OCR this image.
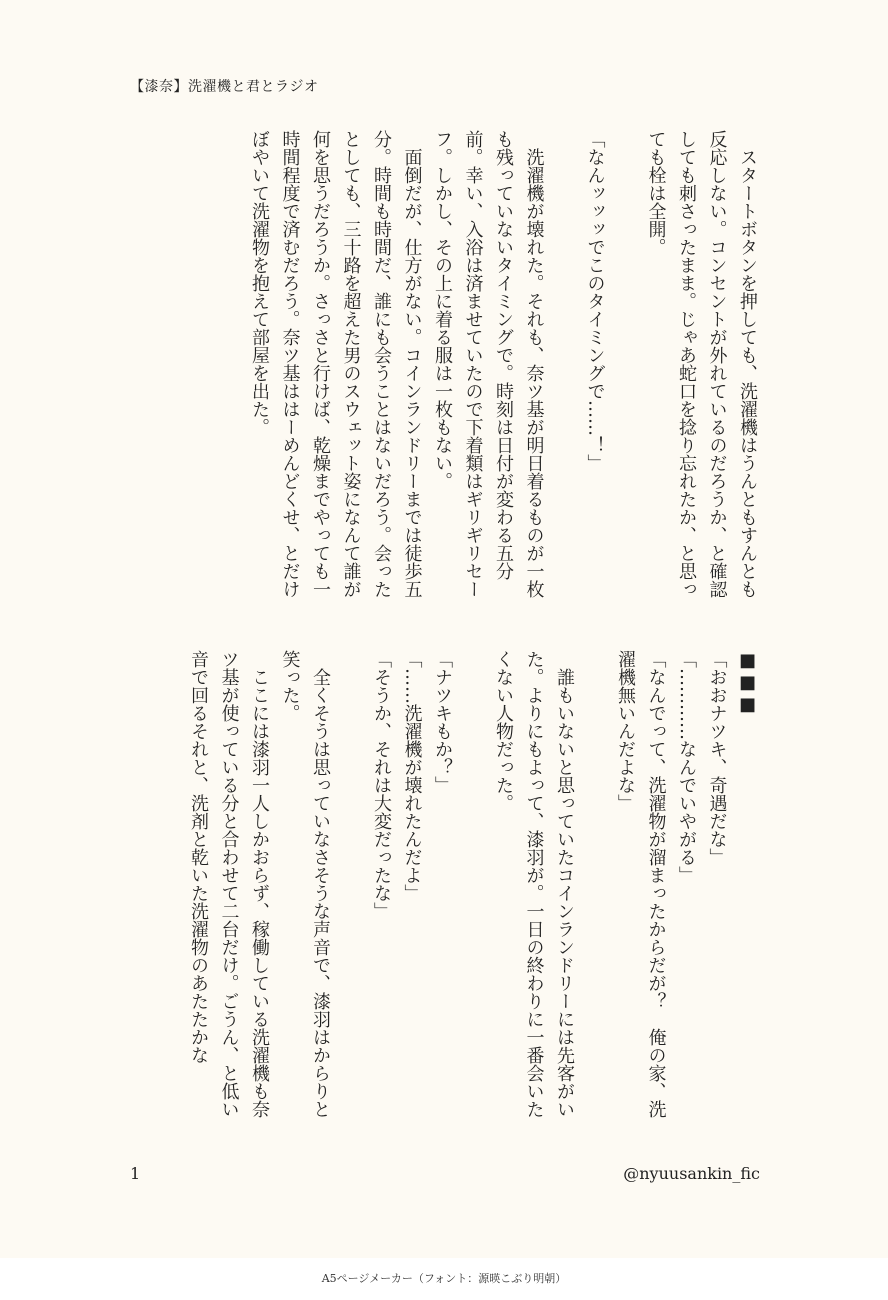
【漆奈】洗濯機と君とラジオ

スタートボタンを押しても、洗濯機はうんともすんとも反応しない。コンセントが外れているのだろうか、と確認しても刺さったまま。じゃあ蛇口を捻り忘れたか、と思っても栓は全開。

「なんッッッでこのタイミングで……！」

洗濯機が壊れた。それも、奈ツ基が明日着るものが一枚も残っていないタイミングで。時刻は日付が変わる五分前。幸い、入浴は済ませていたので下着類はギリギリセーフ。しかし、その上に着る服は一枚もない。

面倒だが、仕方がない。コインランドリーまでは徒歩五分。時間も時間だ、誰にも会うことはないだろう。会ったとしても、三十路を超えた男のスウェット姿になんて誰が何を思うだろうか。さっさと行けば、乾燥までやっても一時間程度で済むだろう。奈ツ基ははーめんどくせ、とだけぼやいて洗濯物を抱えて部屋を出た。

■■■

「おおナツキ、奇遇だな」

「…………なんでいやがる」

「なんでって、洗濯物が溜まったからだが？　俺の家、洗濯機無いんだよな」

誰もいないと思っていたコインランドリーには先客がいた。よりにもよって、漆羽が。一日の終わりに一番会いたくない人物だった。

「ナツキもか？」

「……洗濯機が壊れたんだよ」

「そうか、それは大変だったな」

全くそうは思っていなさそうな声音で、漆羽はからりと笑った。

ここには漆羽一人しかおらず、稼働している洗濯機も奈ツ基が使っている分と合わせて二台だけ。ごうん、と低い音で回るそれと、洗剤と乾いた洗濯物のあたたかな

1	@nyuusankin_fic
A5ページメーカー（フォント：源暎こぶり明朝）
